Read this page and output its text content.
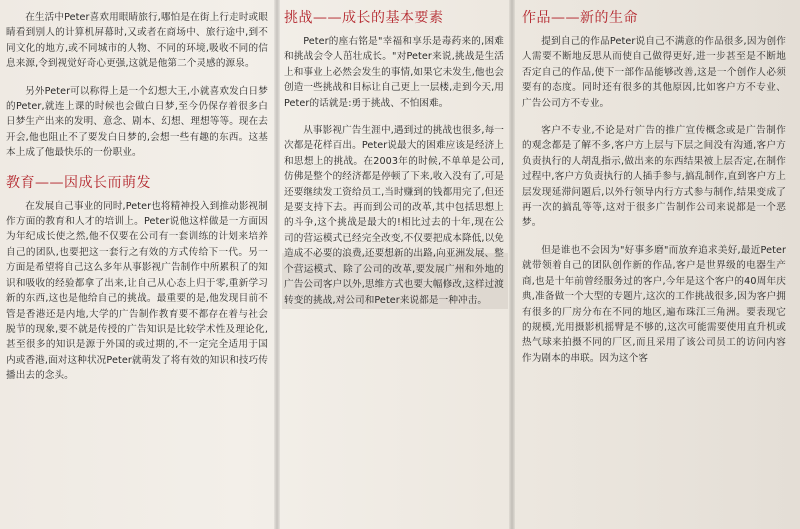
在生活中Peter喜欢用眼睛旅行,哪怕是在街上行走时或眼睛看到别人的计算机屏幕时,又或者在商场中、旅行途中,到不同文化的地方,或不同城市的人物、不同的环境,吸收不同的信息来源,令到视觉好奇心更强,这就是他第二个灵感的源泉。

另外Peter可以称得上是一个幻想大王,小就喜欢发白日梦的Peter,就连上课的时候也会做白日梦,至今仍保存着很多白日梦生产出来的发明、意念、剧本、幻想、理想等等。现在去开会,他也阻止不了要发白日梦的,会想一些有趣的东西。这基本上成了他最快乐的一份职业。

教育——因成长而萌发

在发展自己事业的同时,Peter也将精神投入到推动影视制作方面的教育和人才的培训上。Peter说他这样做是一方面因为年纪成长使之然,他不仅要在公司有一套训练的计划来培养自己的团队,也要把这一套行之有效的方式传给下一代。另一方面是希望将自己这么多年从事影视广告制作中所累积了的知识和吸收的经验都拿了出来,让自己从心态上归于零,重新学习新的东西,这也是他给自己的挑战。最重要的是,他发现目前不管是香港还是内地,大学的广告制作教育要不都存在着与社会脱节的现象,要不就是传授的广告知识是比较学术性及理论化,甚至很多的知识是源于外国的或过期的,不一定完全适用于国内或香港,面对这种状况Peter就萌发了将有效的知识和技巧传播出去的念头。

挑战——成长的基本要素

Peter的座右铭是"幸福和享乐是毒药来的,困难和挑战会令人茁壮成长。"对Peter来说,挑战是生活上和事业上必然会发生的事情,如果它未发生,他也会创造一些挑战和目标让自己更上一层楼,走到今天,用Peter的话就是:勇于挑战、不怕困难。

从事影视广告生涯中,遇到过的挑战也很多,每一次都是花样百出。Peter说最大的困难应该是经济上和思想上的挑战。在2003年的时候,不单单是公司,仿佛是整个的经济都是停顿了下来,收入没有了,可是还要继续发工资给员工,当时赚到的钱都用完了,但还是要支持下去。再而到公司的改革,其中包括思想上的斗争,这个挑战是最大的!相比过去的十年,现在公司的营运模式已经完全改变,不仅要把成本降低,以免造成不必要的浪费,还要想新的出路,向亚洲发展、整个营运模式、除了公司的改革,要发展广州和外地的广告公司客户以外,思维方式也要大幅修改,这样过渡转变的挑战,对公司和Peter来说都是一种冲击。

作品——新的生命

提到自己的作品Peter说自己不满意的作品很多,因为创作人需要不断地反思从而使自己做得更好,进一步甚至是不断地否定自己的作品,使下一部作品能够改善,这是一个创作人必须要有的态度。同时还有很多的其他原因,比如客户方不专业、广告公司方不专业。

客户不专业,不论是对广告的推广宣传概念或是广告制作的观念都是了解不多,客户方上层与下层之间没有沟通,客户方负责执行的人胡乱指示,做出来的东西结果被上层否定,在制作过程中,客户方负责执行的人插手参与,搞乱制作,直到客户方上层发现延滞问题后,以外行领导内行方式参与制作,结果变成了再一次的搞乱等等,这对于很多广告制作公司来说都是一个恶梦。

但是谁也不会因为"好事多磨"而放弃追求美好,最近Peter就带领着自己的团队创作新的作品,客户是世界级的电器生产商,也是十年前曾经服务过的客户,今年是这个客户的40周年庆典,准备做一个大型的专题片,这次的工作挑战很多,因为客户拥有很多的厂房分布在不同的地区,遍布珠江三角洲。要表现它的规模,光用摄影机摇臂是不够的,这次可能需要使用直升机或热气球来拍摄不同的厂区,而且采用了该公司员工的访问内容作为剧本的串联。因为这个客
